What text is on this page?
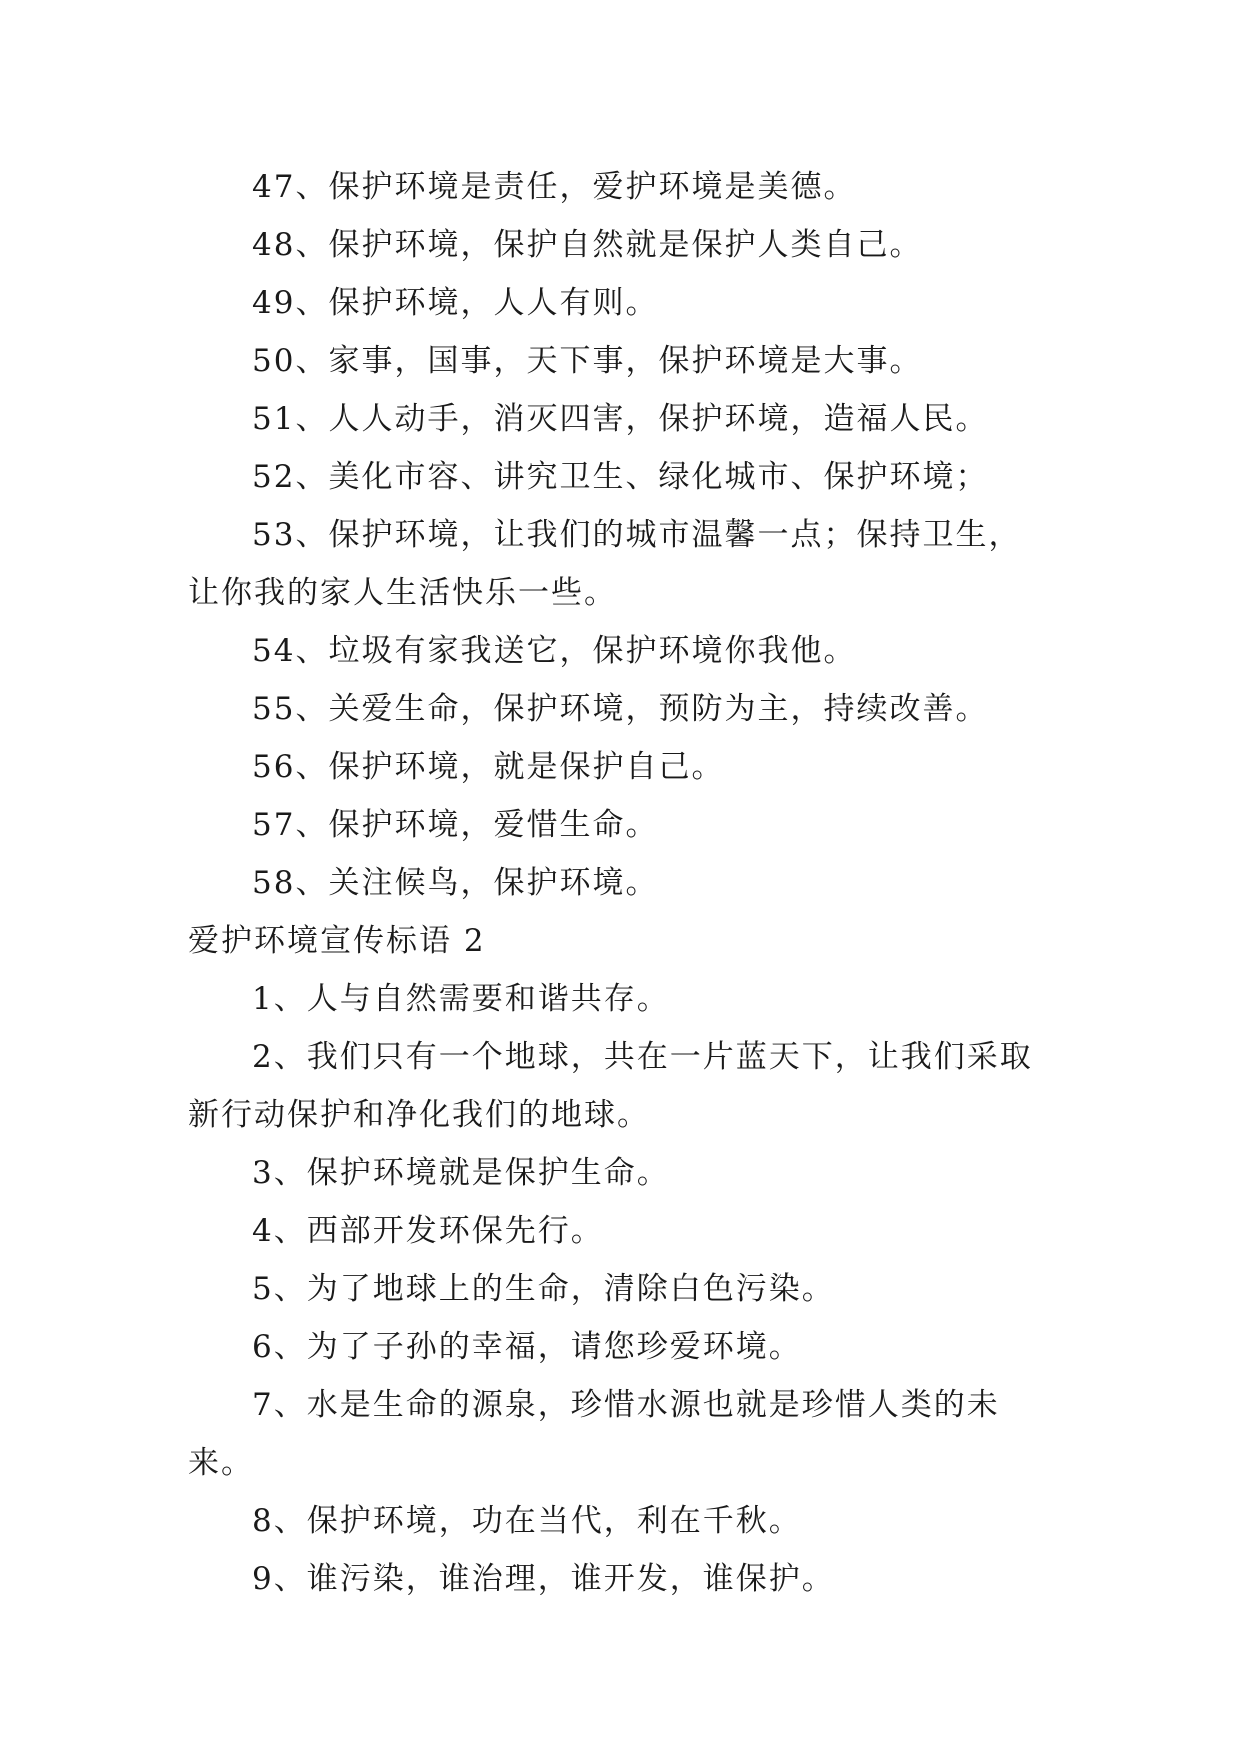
47、保护环境是责任，爱护环境是美德。

48、保护环境，保护自然就是保护人类自己。

49、保护环境，人人有则。

50、家事，国事，天下事，保护环境是大事。

51、人人动手，消灭四害，保护环境，造福人民。

52、美化市容、讲究卫生、绿化城市、保护环境；

53、保护环境，让我们的城市温馨一点；保持卫生，让你我的家人生活快乐一些。

54、垃圾有家我送它，保护环境你我他。

55、关爱生命，保护环境，预防为主，持续改善。

56、保护环境，就是保护自己。

57、保护环境，爱惜生命。

58、关注候鸟，保护环境。

爱护环境宣传标语 2

1、人与自然需要和谐共存。

2、我们只有一个地球，共在一片蓝天下，让我们采取新行动保护和净化我们的地球。

3、保护环境就是保护生命。

4、西部开发环保先行。

5、为了地球上的生命，清除白色污染。

6、为了子孙的幸福，请您珍爱环境。

7、水是生命的源泉，珍惜水源也就是珍惜人类的未来。

8、保护环境，功在当代，利在千秋。

9、谁污染，谁治理，谁开发，谁保护。
